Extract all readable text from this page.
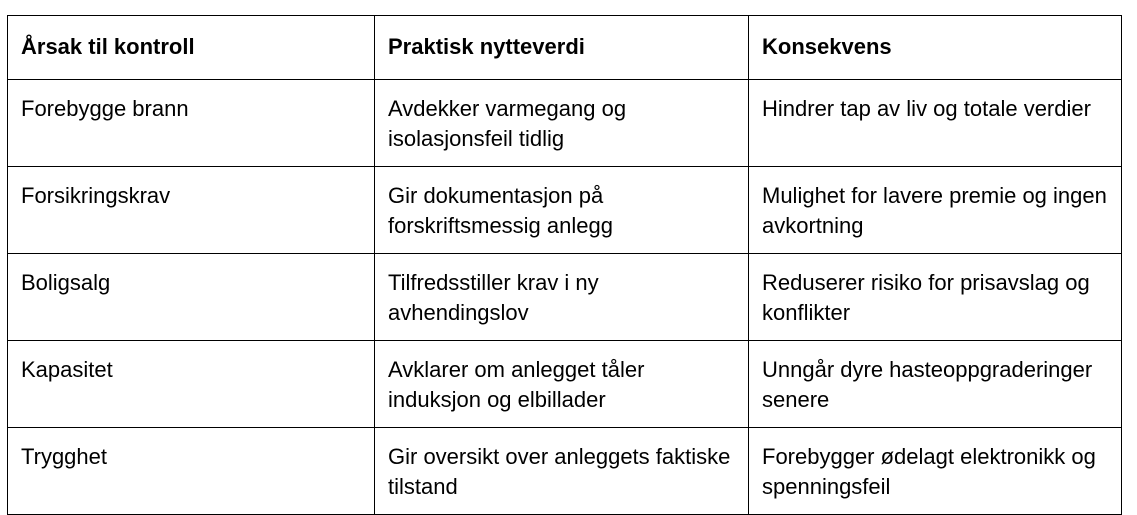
Årsak til kontroll	Praktisk nytteverdi	Konsekvens
Forebygge brann	Avdekker varmegang og isolasjonsfeil tidlig	Hindrer tap av liv og totale verdier
Forsikringskrav	Gir dokumentasjon på forskriftsmessig anlegg	Mulighet for lavere premie og ingen avkortning
Boligsalg	Tilfredsstiller krav i ny avhendingslov	Reduserer risiko for prisavslag og konflikter
Kapasitet	Avklarer om anlegget tåler induksjon og elbillader	Unngår dyre hasteoppgraderinger senere
Trygghet	Gir oversikt over anleggets faktiske tilstand	Forebygger ødelagt elektronikk og spenningsfeil
